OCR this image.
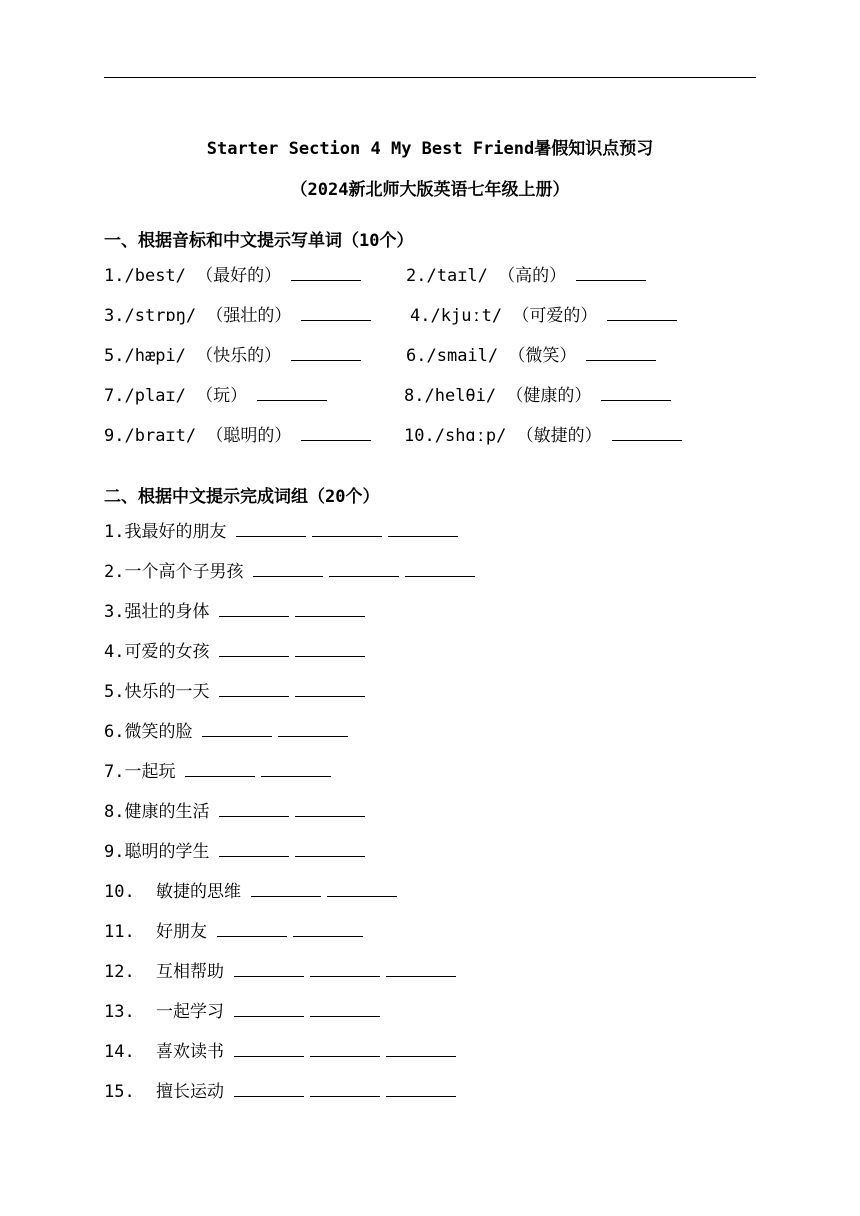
Starter Section 4 My Best Friend暑假知识点预习
（2024新北师大版英语七年级上册）
一、根据音标和中文提示写单词（10个）
1./best/ （最好的）	2./taɪl/ （高的）
3./strɒŋ/ （强壮的）	4./kjuːt/ （可爱的）
5./hæpi/ （快乐的）	6./smail/ （微笑）
7./plaɪ/ （玩）	8./helθi/ （健康的）
9./braɪt/ （聪明的）	10./shɑːp/ （敏捷的）
二、根据中文提示完成词组（20个）
1.我最好的朋友
2.一个高个子男孩
3.强壮的身体
4.可爱的女孩
5.快乐的一天
6.微笑的脸
7.一起玩
8.健康的生活
9.聪明的学生
10. 敏捷的思维
11. 好朋友
12. 互相帮助
13. 一起学习
14. 喜欢读书
15. 擅长运动
